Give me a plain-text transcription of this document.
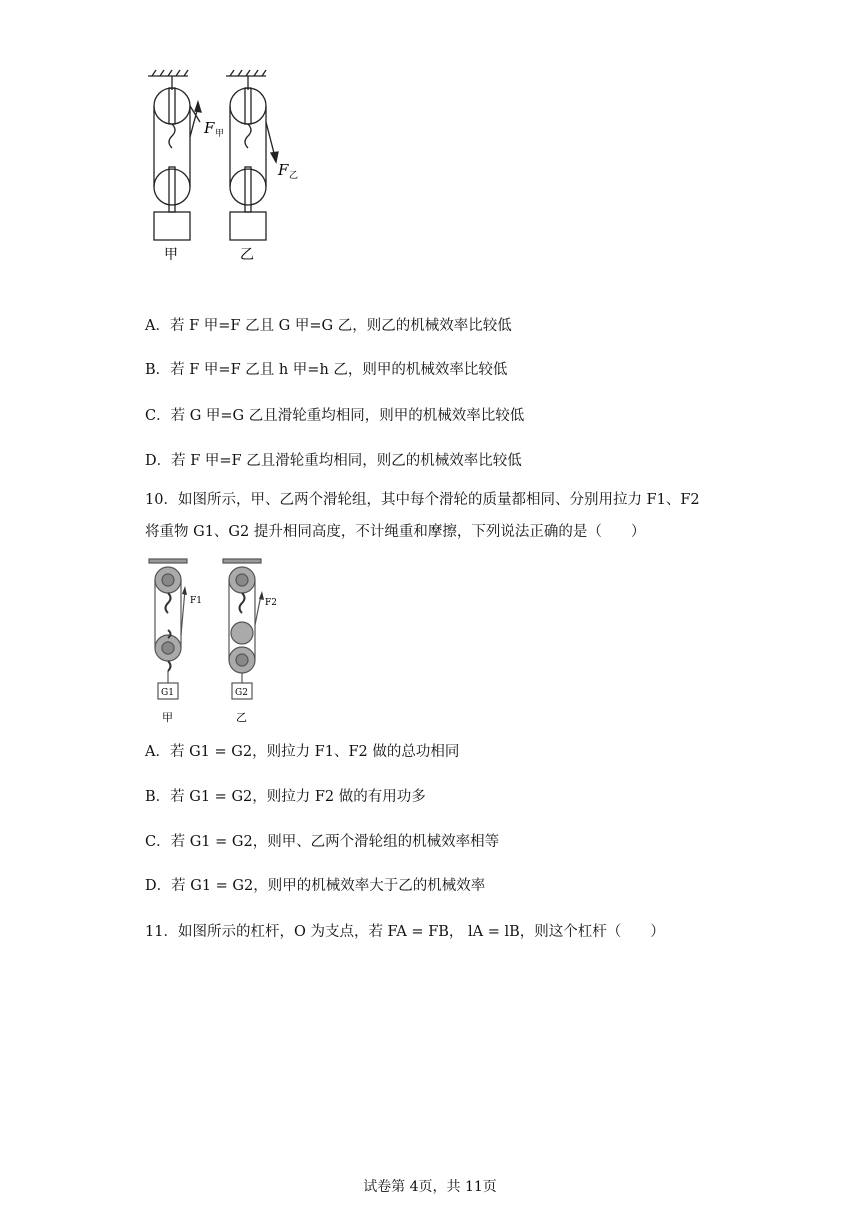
F 甲
F 乙
甲	乙
A．若 F 甲=F 乙且 G 甲=G 乙，则乙的机械效率比较低
B．若 F 甲=F 乙且 h 甲=h 乙，则甲的机械效率比较低
C．若 G 甲=G 乙且滑轮重均相同，则甲的机械效率比较低
D．若 F 甲=F 乙且滑轮重均相同，则乙的机械效率比较低
10．如图所示，甲、乙两个滑轮组，其中每个滑轮的质量都相同、分别用拉力 F1、F2
将重物 G1、G2 提升相同高度，不计绳重和摩擦，下列说法正确的是（　　）
F1	F2
G1	G2
甲	乙
A．若 G1 = G2，则拉力 F1、F2 做的总功相同
B．若 G1 = G2，则拉力 F2 做的有用功多
C．若 G1 = G2，则甲、乙两个滑轮组的机械效率相等
D．若 G1 = G2，则甲的机械效率大于乙的机械效率
11．如图所示的杠杆，O 为支点，若 FA = FB， lA = lB，则这个杠杆（　　）
试卷第 4页，共 11页
